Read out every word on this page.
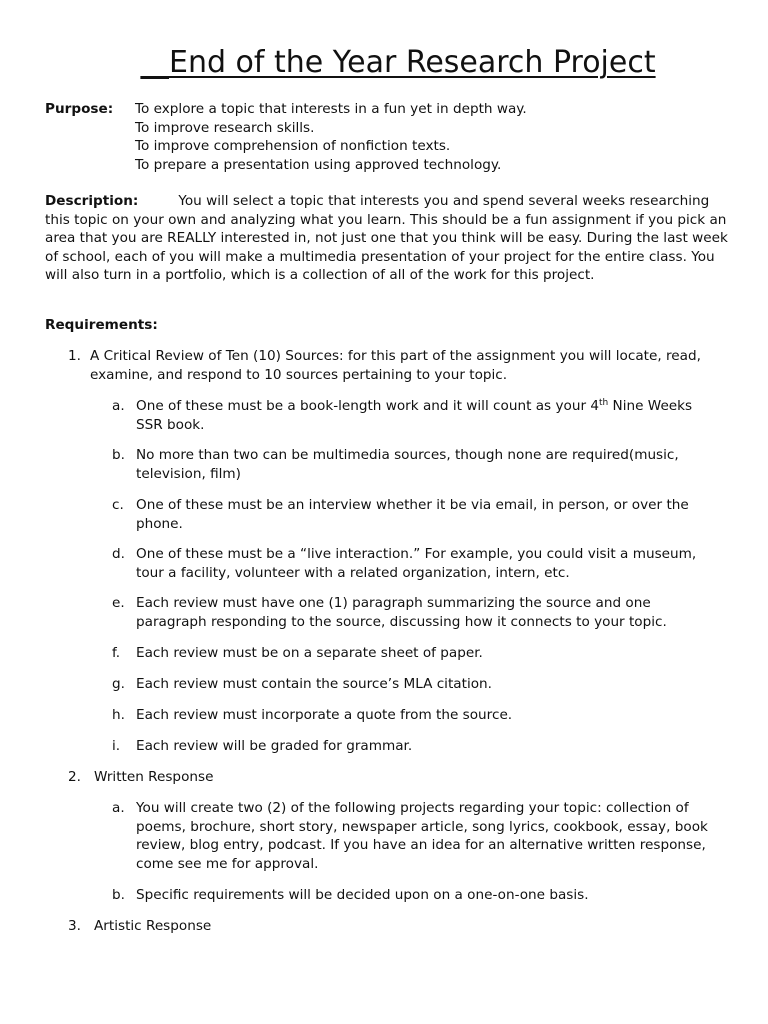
End of the Year Research Project
Purpose: To explore a topic that interests in a fun yet in depth way.
To improve research skills.
To improve comprehension of nonfiction texts.
To prepare a presentation using approved technology.
Description:	You will select a topic that interests you and spend several weeks researching this topic on your own and analyzing what you learn. This should be a fun assignment if you pick an area that you are REALLY interested in, not just one that you think will be easy. During the last week of school, each of you will make a multimedia presentation of your project for the entire class. You will also turn in a portfolio, which is a collection of all of the work for this project.
Requirements:
1. A Critical Review of Ten (10) Sources: for this part of the assignment you will locate, read, examine, and respond to 10 sources pertaining to your topic.
a. One of these must be a book-length work and it will count as your 4th Nine Weeks SSR book.
b. No more than two can be multimedia sources, though none are required(music, television, film)
c. One of these must be an interview whether it be via email, in person, or over the phone.
d. One of these must be a “live interaction.” For example, you could visit a museum, tour a facility, volunteer with a related organization, intern, etc.
e. Each review must have one (1) paragraph summarizing the source and one paragraph responding to the source, discussing how it connects to your topic.
f.	Each review must be on a separate sheet of paper.
g. Each review must contain the source’s MLA citation.
h. Each review must incorporate a quote from the source.
i.	Each review will be graded for grammar.
2. Written Response
a. You will create two (2) of the following projects regarding your topic: collection of poems, brochure, short story, newspaper article, song lyrics, cookbook, essay, book review, blog entry, podcast. If you have an idea for an alternative written response, come see me for approval.
b. Specific requirements will be decided upon on a one-on-one basis.
3. Artistic Response
